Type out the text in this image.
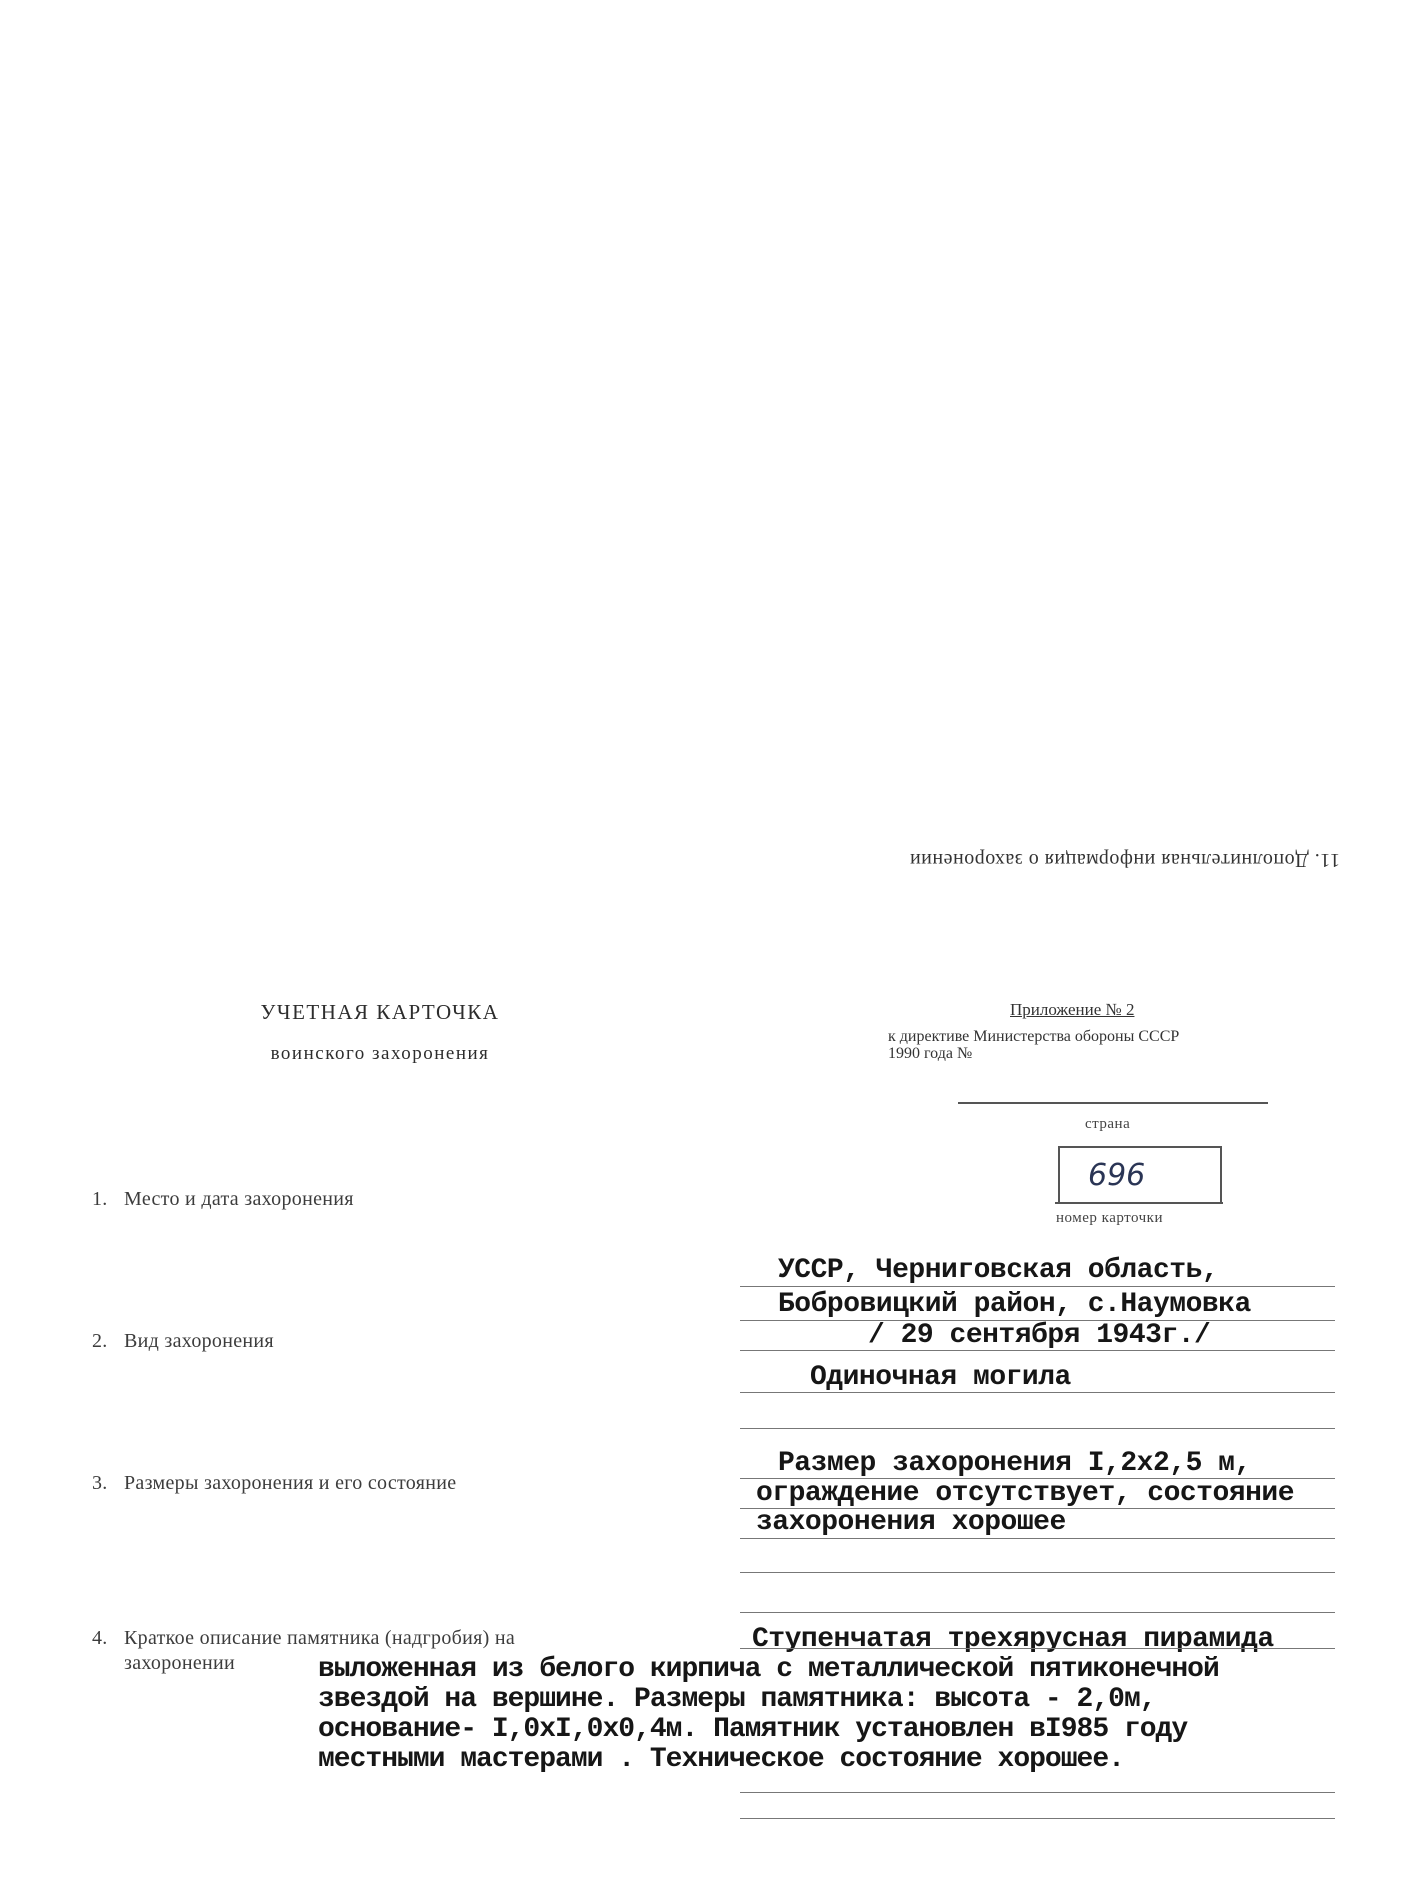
11. Дополнительная информация о захоронении
УЧЕТНАЯ КАРТОЧКА
воинского захоронения
Приложение № 2
к директиве Министерства обороны СССР
1990 года №
страна
696
номер карточки
1. Место и дата захоронения
УССР, Черниговская область,
Бобровицкий район, с.Наумовка
/ 29 сентября 1943г./
2. Вид захоронения
Одиночная могила
3. Размеры захоронения и его состояние
Размер захоронения I,2х2,5 м,
ограждение отсутствует, состояние
захоронения хорошее
4. Краткое описание памятника (надгробия) на
захоронении
Ступенчатая трехярусная пирамида
выложенная из белого кирпича с металлической пятиконечной
звездой на вершине. Размеры памятника: высота - 2,0м,
основание- I,0хI,0х0,4м. Памятник установлен вI985 году
местными мастерами . Техническое состояние хорошее.
